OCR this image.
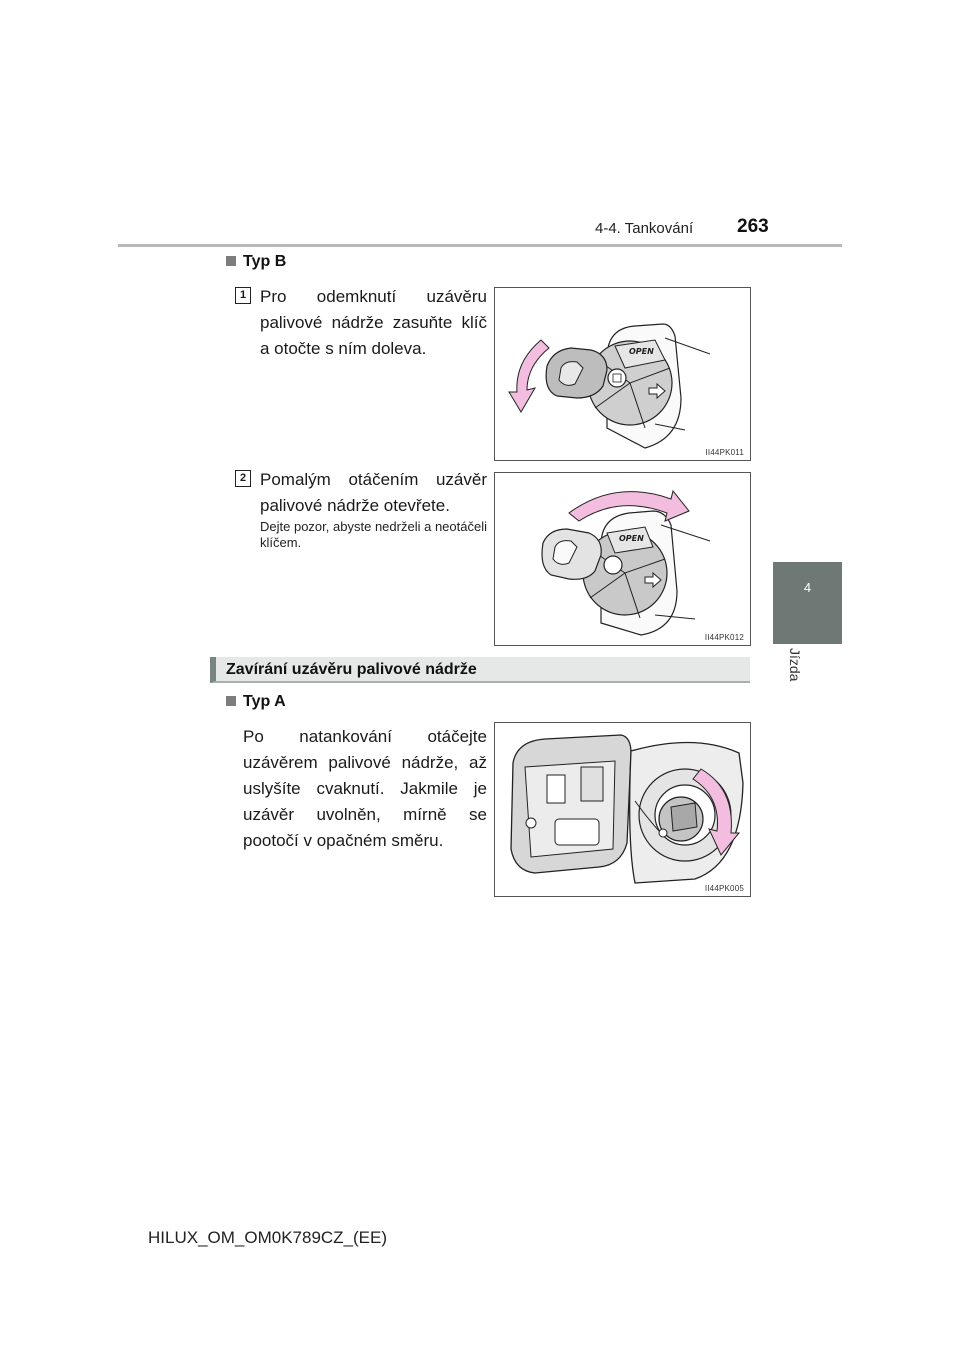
4-4. Tankování 263
4
Jízda
Typ B
1 Pro odemknutí uzávěru palivové nádrže zasuňte klíč a otočte s ním doleva.	OPEN
II44PK011
2 Pomalým otáčením uzávěr palivové nádrže otevřete.
Dejte pozor, abyste nedrželi a neotáčeli klíčem.	OPEN
II44PK012
Zavírání uzávěru palivové nádrže
Typ A
Po natankování otáčejte uzávěrem palivové nádrže, až uslyšíte cvaknutí. Jakmile je uzávěr uvolněn, mírně se pootočí v opačném směru.
II44PK005
HILUX_OM_OM0K789CZ_(EE)
